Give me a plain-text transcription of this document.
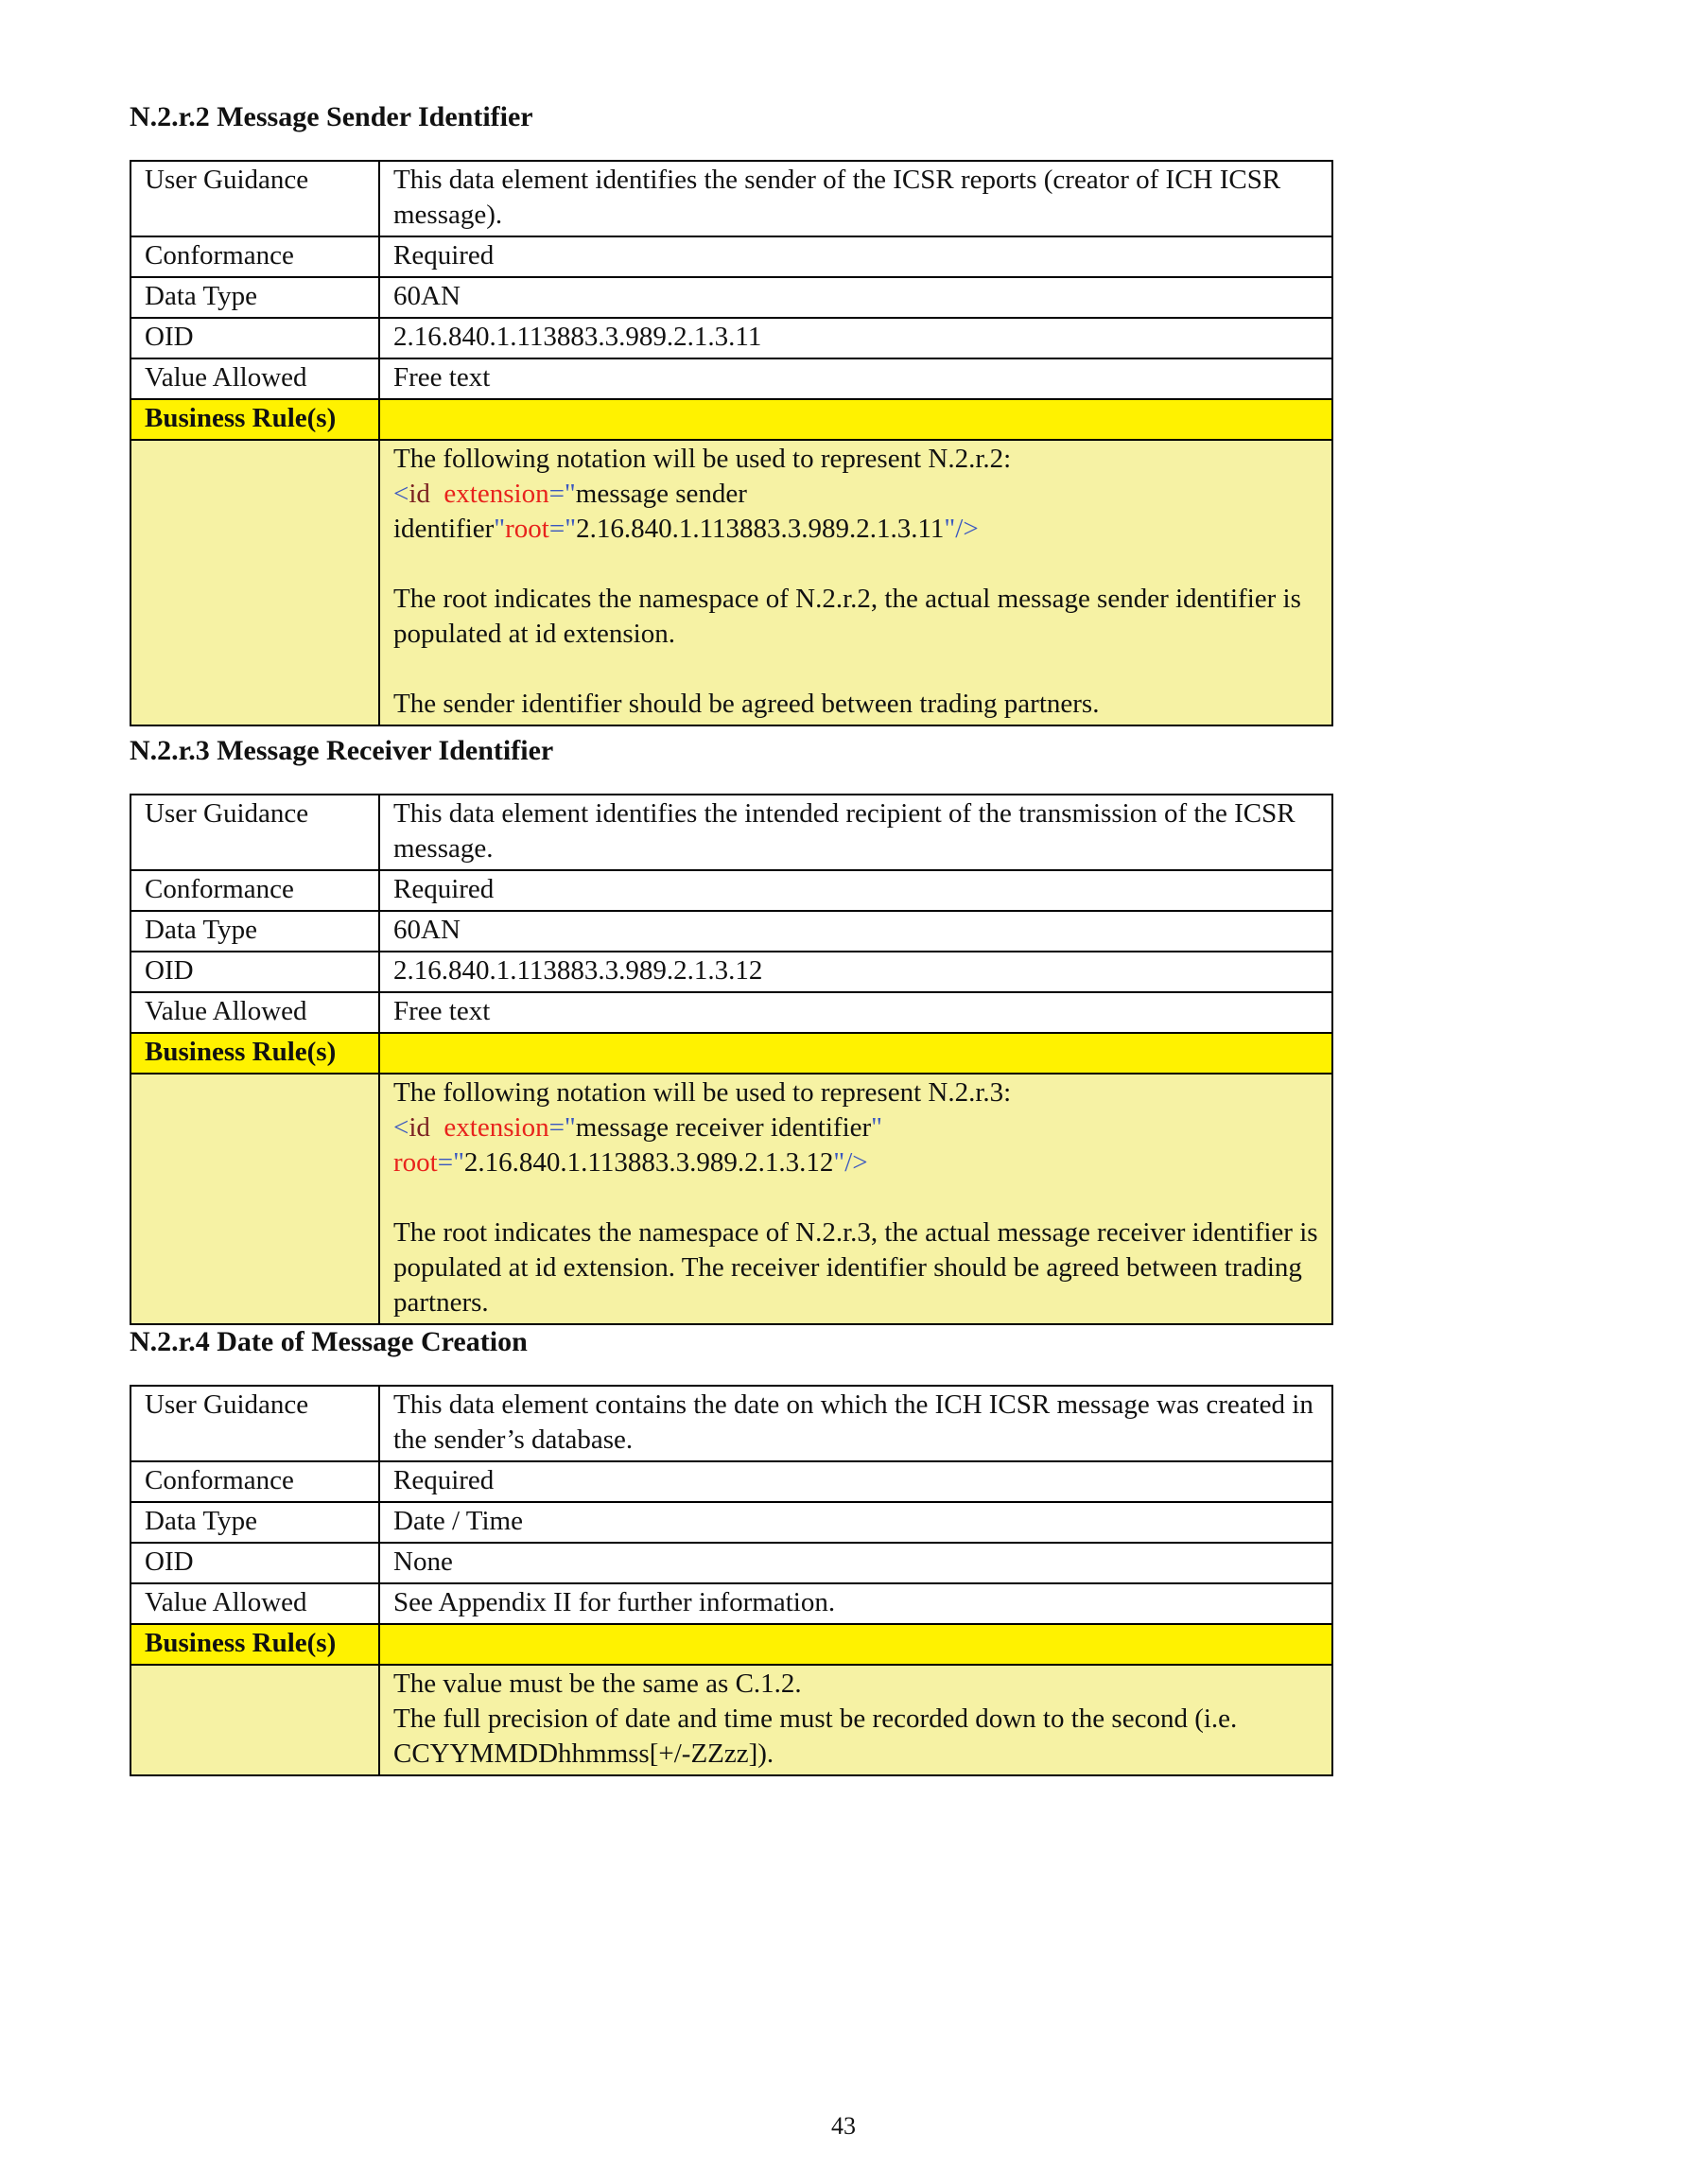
N.2.r.2 Message Sender Identifier
User Guidance	This data element identifies the sender of the ICSR reports (creator of ICH ICSR message).
Conformance	Required
Data Type	60AN
OID	2.16.840.1.113883.3.989.2.1.3.11
Value Allowed	Free text
Business Rule(s)	

	The following notation will be used to represent N.2.r.2:
<id extension="message sender
identifier"root="2.16.840.1.113883.3.989.2.1.3.11"/>
The root indicates the namespace of N.2.r.2, the actual message sender identifier is populated at id extension.
The sender identifier should be agreed between trading partners.
N.2.r.3 Message Receiver Identifier
User Guidance	This data element identifies the intended recipient of the transmission of the ICSR message.
Conformance	Required
Data Type	60AN
OID	2.16.840.1.113883.3.989.2.1.3.12
Value Allowed	Free text
Business Rule(s)	

	The following notation will be used to represent N.2.r.3:
<id extension="message receiver identifier"
root="2.16.840.1.113883.3.989.2.1.3.12"/>
The root indicates the namespace of N.2.r.3, the actual message receiver identifier is populated at id extension. The receiver identifier should be agreed between trading partners.
N.2.r.4 Date of Message Creation
User Guidance	This data element contains the date on which the ICH ICSR message was created in the sender’s database.
Conformance	Required
Data Type	Date / Time
OID	None
Value Allowed	See Appendix II for further information.
Business Rule(s)	

	The value must be the same as C.1.2.
The full precision of date and time must be recorded down to the second (i.e. CCYYMMDDhhmmss[+/-ZZzz]).
43
